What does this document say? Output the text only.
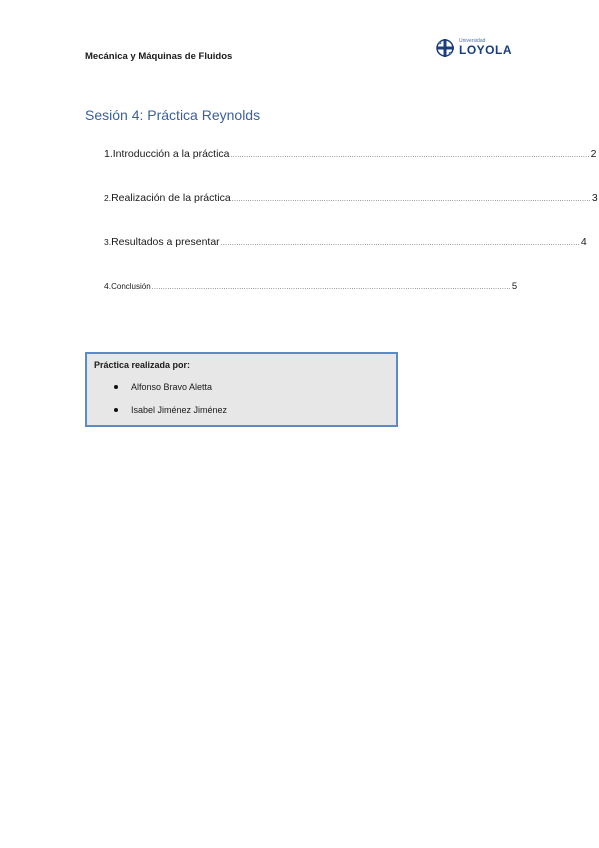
Mecánica y Máquinas de Fluidos
Universidad
LOYOLA
Sesión 4: Práctica Reynolds
1. Introducción a la práctica ................................................................................................................................................................ 2
2. Realización de la práctica ................................................................................................................................................................ 3
3. Resultados a presentar ................................................................................................................................................................ 4
4. Conclusión ................................................................................................................................................................ 5
Práctica realizada por:
Alfonso Bravo Aletta
Isabel Jiménez Jiménez
